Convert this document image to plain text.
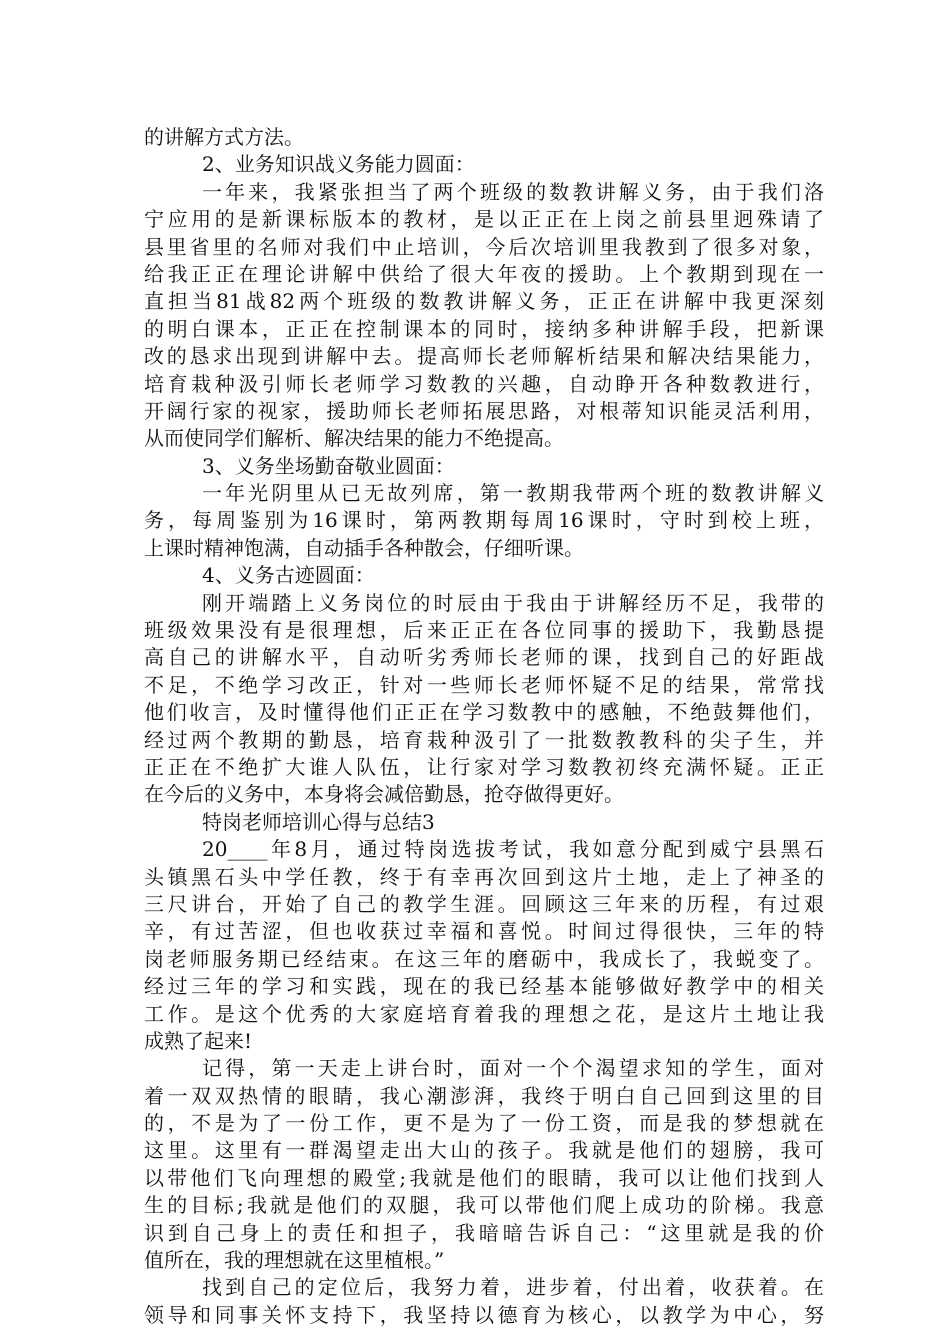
的讲解方式方法。
2、业务知识战义务能力圆面：
一年来，我紧张担当了两个班级的数教讲解义务，由于我们洛
宁应用的是新课标版本的教材，是以正正在上岗之前县里迥殊请了
县里省里的名师对我们中止培训，今后次培训里我教到了很多对象，
给我正正在理论讲解中供给了很大年夜的援助。上个教期到现在一
直担当81战82两个班级的数教讲解义务，正正在讲解中我更深刻
的明白课本，正正在控制课本的同时，接纳多种讲解手段，把新课
改的恳求出现到讲解中去。提高师长老师解析结果和解决结果能力，
培育栽种汲引师长老师学习数教的兴趣，自动睁开各种数教进行，
开阔行家的视家，援助师长老师拓展思路，对根蒂知识能灵活利用，
从而使同学们解析、解决结果的能力不绝提高。
3、义务坐场勤奋敬业圆面：
一年光阴里从已无故列席，第一教期我带两个班的数教讲解义
务，每周鉴别为16课时，第两教期每周16课时，守时到校上班，
上课时精神饱满，自动插手各种散会，仔细听课。
4、义务古迹圆面：
刚开端踏上义务岗位的时辰由于我由于讲解经历不足，我带的
班级效果没有是很理想，后来正正在各位同事的援助下，我勤恳提
高自己的讲解水平，自动听劣秀师长老师的课，找到自己的好距战
不足，不绝学习改正，针对一些师长老师怀疑不足的结果，常常找
他们收言，及时懂得他们正正在学习数教中的感触，不绝鼓舞他们，
经过两个教期的勤恳，培育栽种汲引了一批数教教科的尖子生，并
正正在不绝扩大谁人队伍，让行家对学习数教初终充满怀疑。正正
在今后的义务中，本身将会减倍勤恳，抢夺做得更好。
特岗老师培训心得与总结3
20____年8月，通过特岗选拔考试，我如意分配到威宁县黑石
头镇黑石头中学任教，终于有幸再次回到这片土地，走上了神圣的
三尺讲台，开始了自己的教学生涯。回顾这三年来的历程，有过艰
辛，有过苦涩，但也收获过幸福和喜悦。时间过得很快，三年的特
岗老师服务期已经结束。在这三年的磨砺中，我成长了，我蜕变了。
经过三年的学习和实践，现在的我已经基本能够做好教学中的相关
工作。是这个优秀的大家庭培育着我的理想之花，是这片土地让我
成熟了起来!
记得，第一天走上讲台时，面对一个个渴望求知的学生，面对
着一双双热情的眼睛，我心潮澎湃，我终于明白自己回到这里的目
的，不是为了一份工作，更不是为了一份工资，而是我的梦想就在
这里。这里有一群渴望走出大山的孩子。我就是他们的翅膀，我可
以带他们飞向理想的殿堂;我就是他们的眼睛，我可以让他们找到人
生的目标;我就是他们的双腿，我可以带他们爬上成功的阶梯。我意
识到自己身上的责任和担子，我暗暗告诉自己：“这里就是我的价
值所在，我的理想就在这里植根。”
找到自己的定位后，我努力着，进步着，付出着，收获着。在
领导和同事关怀支持下，我坚持以德育为核心，以教学为中心，努
